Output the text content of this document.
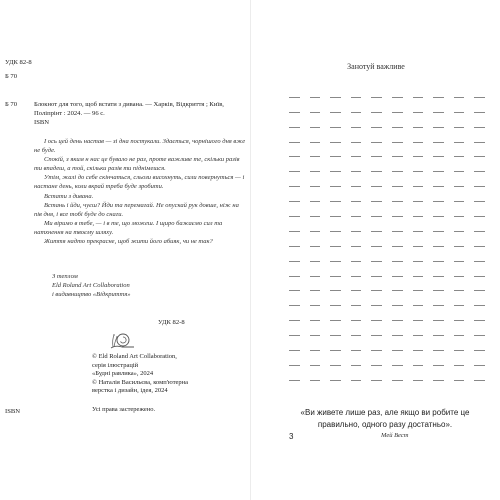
УДК 82-8
Б 70
Б 70	Блокнот для того, щоб встати з дивана. — Харків, Відкриття ; Київ, Поліпрінт : 2024. — 96 с.
ISBN

І ось цей день настав — зі дна постукали. Здається, чорнішого дня вже не буде.

Спокій, з яким н нас це бувало не раз, проте важливе те, скільки разів ти впадеш, а той, скільки разів ти піднімешся.

Утім, жалі до себе скінчаться, сльози висохнуть, сили повернуться — і настане день, коли вкрай треба буде зробити.

Встати з дивана.

Встань і йди, чуєш? Йди та перемагай. Не опускай рук довше, ніж на пів дня, і все тобі буде до снаги.

Ми віримо в тебе, — і в те, що можеш. І щиро бажаємо сил та натхнення на твоєму шляху.

Життя надто прекрасне, щоб жити його абияк, чи не так?

З теплом
Eld Roland Art Collaboration
і видавництво «Відкриття»
УДК 82-8
© Eld Roland Art Collaboration,
серія ілюстрацій
«Будні равлика», 2024
© Наталія Васильєва, комп'ютерна
верстка і дизайн, ідея, 2024
Усі права застережено.
ISBN
Занотуй важливе
«Ви живете лише раз, але якщо ви робите це правильно, одного разу достатньо».
Мей Вест
3
